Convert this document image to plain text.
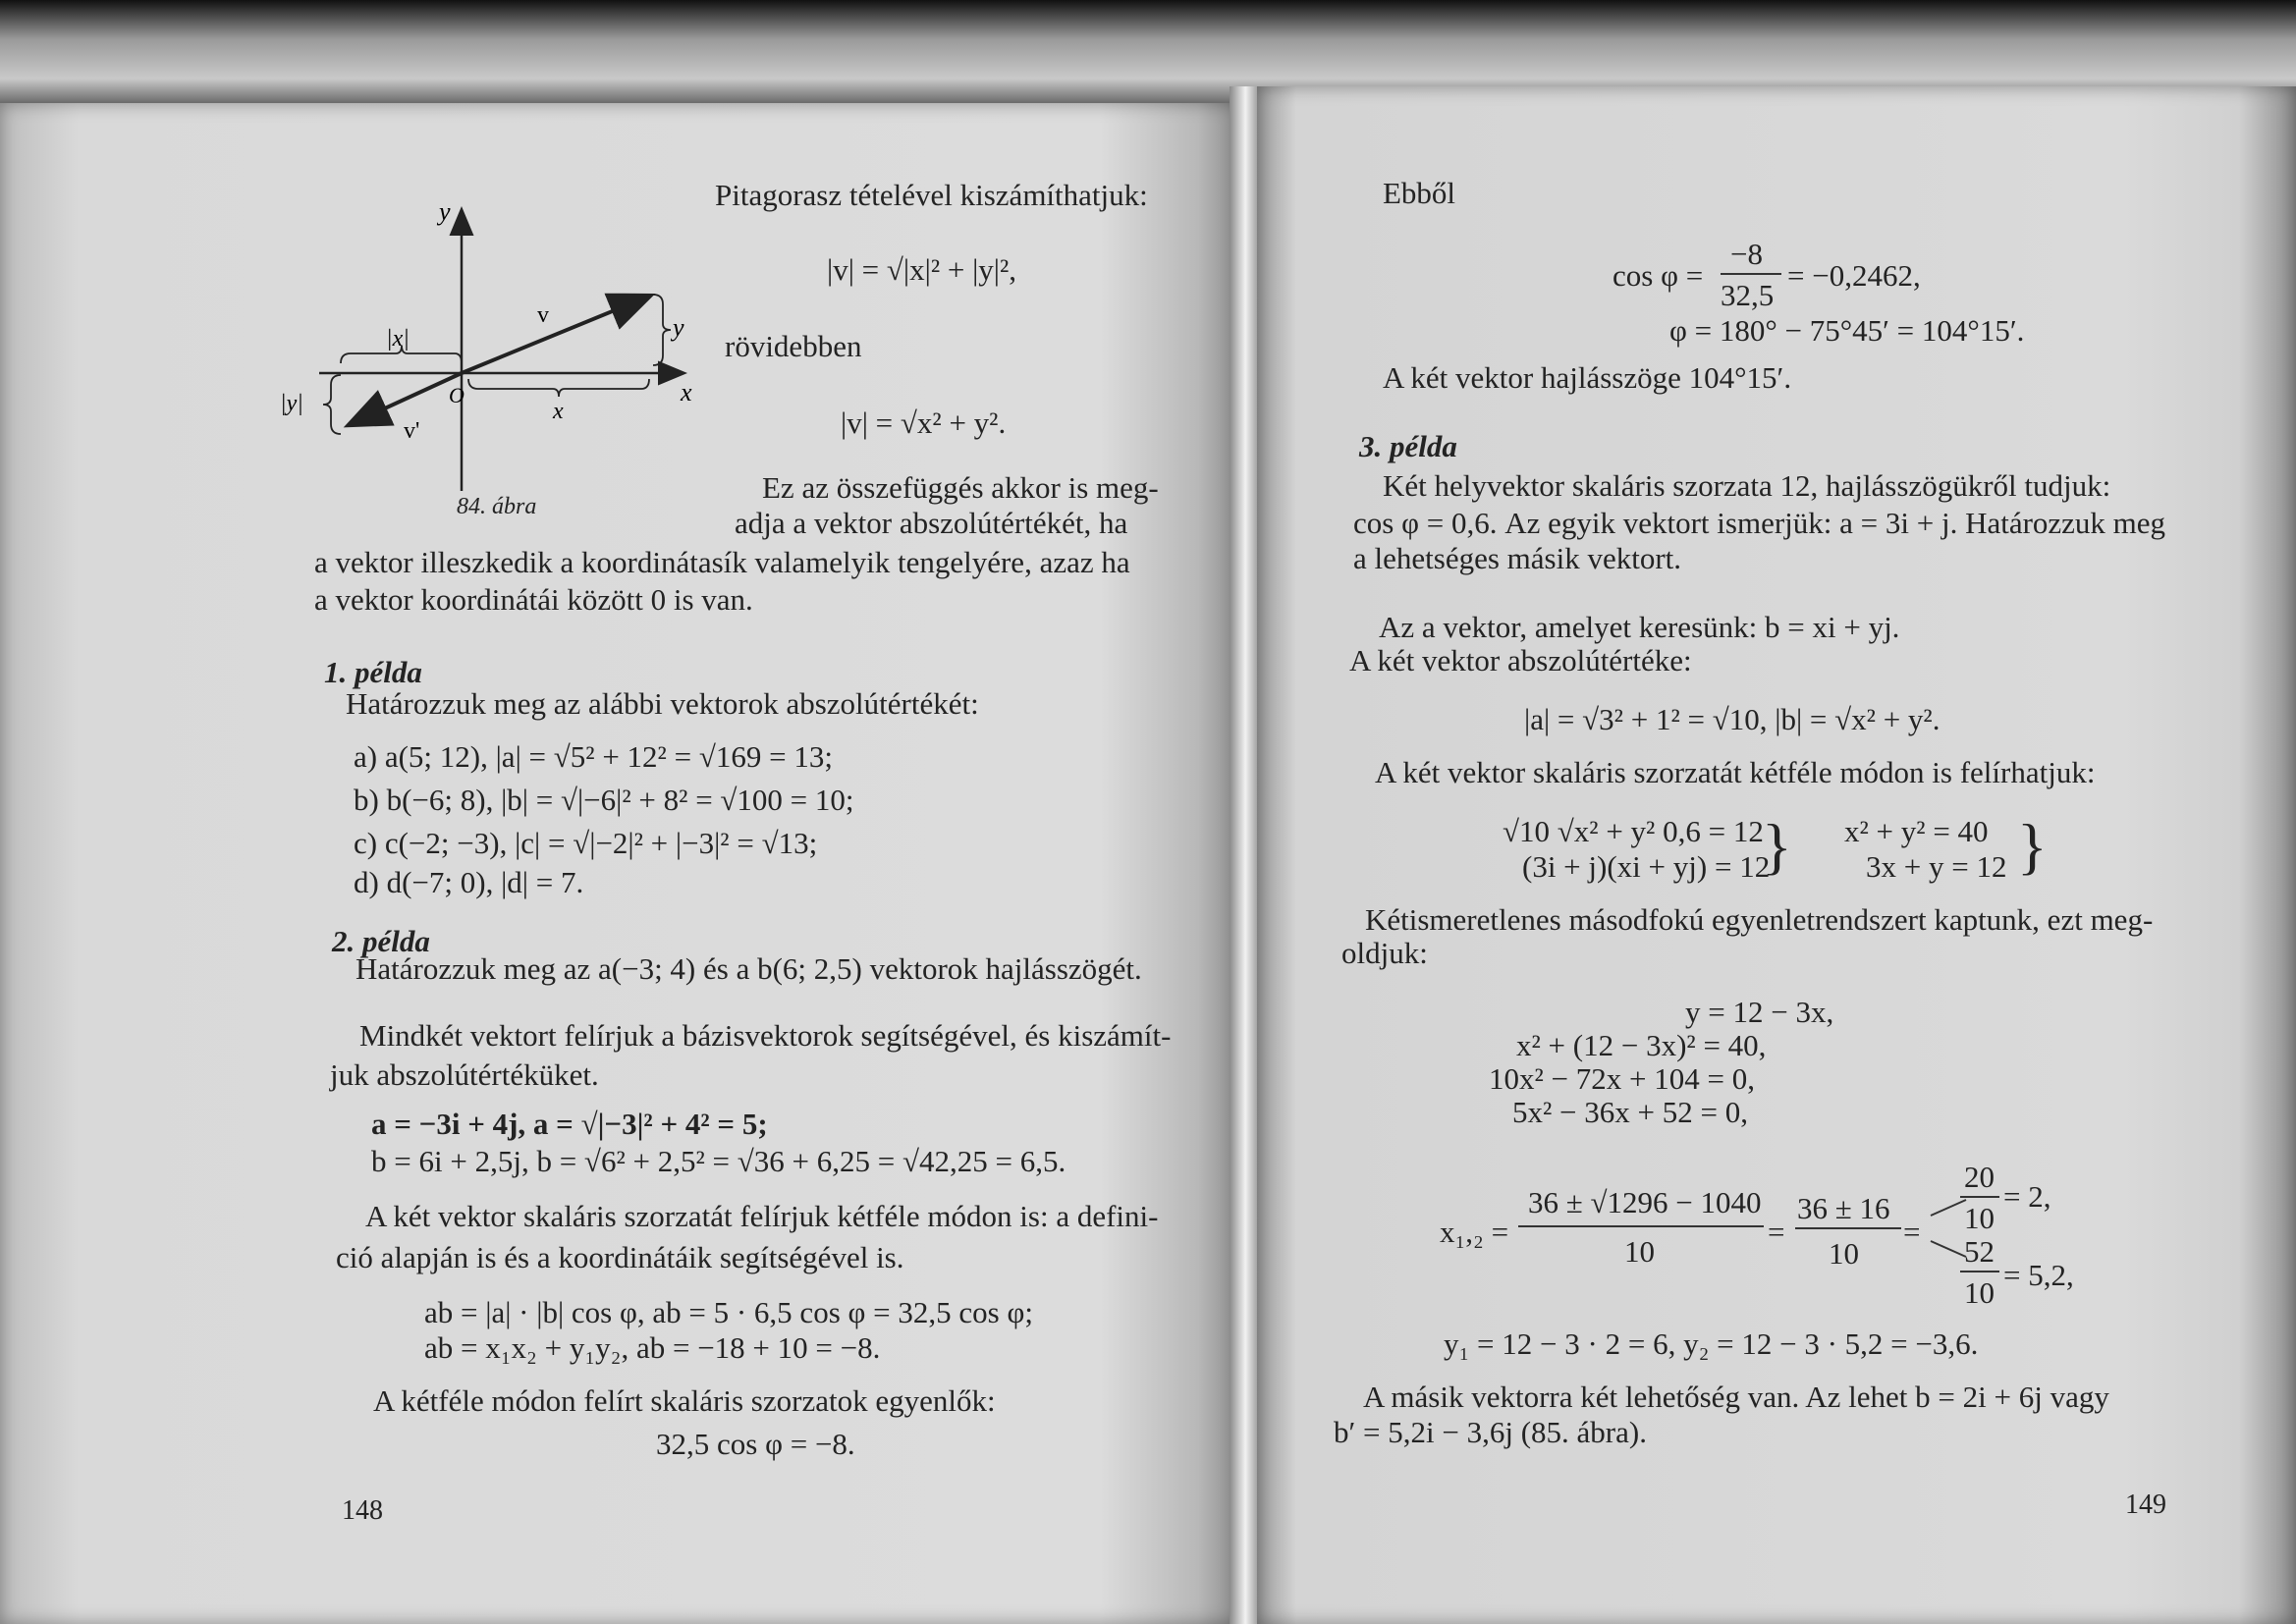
y
x
O
v
v'
|x|
x
y
|y|
84. ábra
Pitagorasz tételével kiszámíthatjuk:
|v| = √|x|² + |y|²,
rövidebben
|v| = √x² + y².
Ez az összefüggés akkor is meg-
adja a vektor abszolútértékét, ha
a vektor illeszkedik a koordinátasík valamelyik tengelyére, azaz ha
a vektor koordinátái között 0 is van.
1. példa
Határozzuk meg az alábbi vektorok abszolútértékét:
a) a(5; 12), |a| = √5² + 12² = √169 = 13;
b) b(−6; 8), |b| = √|−6|² + 8² = √100 = 10;
c) c(−2; −3), |c| = √|−2|² + |−3|² = √13;
d) d(−7; 0), |d| = 7.
2. példa
Határozzuk meg az a(−3; 4) és a b(6; 2,5) vektorok hajlásszögét.
Mindkét vektort felírjuk a bázisvektorok segítségével, és kiszámít-
juk abszolútértéküket.
a = −3i + 4j, a = √|−3|² + 4² = 5;
b = 6i + 2,5j, b = √6² + 2,5² = √36 + 6,25 = √42,25 = 6,5.
A két vektor skaláris szorzatát felírjuk kétféle módon is: a defini-
ció alapján is és a koordinátáik segítségével is.
ab = |a| · |b| cos φ, ab = 5 · 6,5 cos φ = 32,5 cos φ;
ab = x₁x₂ + y₁y₂, ab = −18 + 10 = −8.
A kétféle módon felírt skaláris szorzatok egyenlők:
32,5 cos φ = −8.
148
Ebből
cos φ =
−8
32,5
= −0,2462,
φ = 180° − 75°45′ = 104°15′.
A két vektor hajlásszöge 104°15′.
3. példa
Két helyvektor skaláris szorzata 12, hajlásszögükről tudjuk:
cos φ = 0,6. Az egyik vektort ismerjük: a = 3i + j. Határozzuk meg
a lehetséges másik vektort.
Az a vektor, amelyet keresünk: b = xi + yj.
A két vektor abszolútértéke:
|a| = √3² + 1² = √10, |b| = √x² + y².
A két vektor skaláris szorzatát kétféle módon is felírhatjuk:
√10 √x² + y² 0,6 = 12
(3i + j)(xi + yj) = 12
} x² + y² = 40
3x + y = 12 }
Kétismeretlenes másodfokú egyenletrendszert kaptunk, ezt meg-
oldjuk:
y = 12 − 3x,
x² + (12 − 3x)² = 40,
10x² − 72x + 104 = 0,
5x² − 36x + 52 = 0,
x₁,₂ =
36 ± √1296 − 1040
10
=
36 ± 16
10
=
20
10
= 2,
52
10
= 5,2,
y₁ = 12 − 3 · 2 = 6, y₂ = 12 − 3 · 5,2 = −3,6.
A másik vektorra két lehetőség van. Az lehet b = 2i + 6j vagy
b′ = 5,2i − 3,6j (85. ábra).
149
